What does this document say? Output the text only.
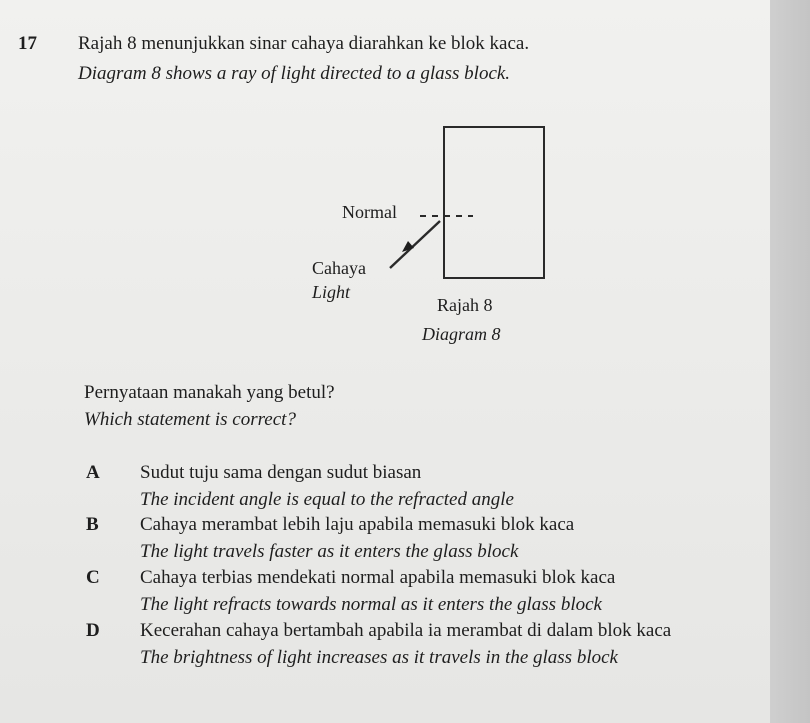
17 Rajah 8 menunjukkan sinar cahaya diarahkan ke blok kaca.
Diagram 8 shows a ray of light directed to a glass block.
Normal
Cahaya
Light
Rajah 8
Diagram 8
Pernyataan manakah yang betul?
Which statement is correct?
A Sudut tuju sama dengan sudut biasan
The incident angle is equal to the refracted angle
B Cahaya merambat lebih laju apabila memasuki blok kaca
The light travels faster as it enters the glass block
C Cahaya terbias mendekati normal apabila memasuki blok kaca
The light refracts towards normal as it enters the glass block
D Kecerahan cahaya bertambah apabila ia merambat di dalam blok kaca
The brightness of light increases as it travels in the glass block
